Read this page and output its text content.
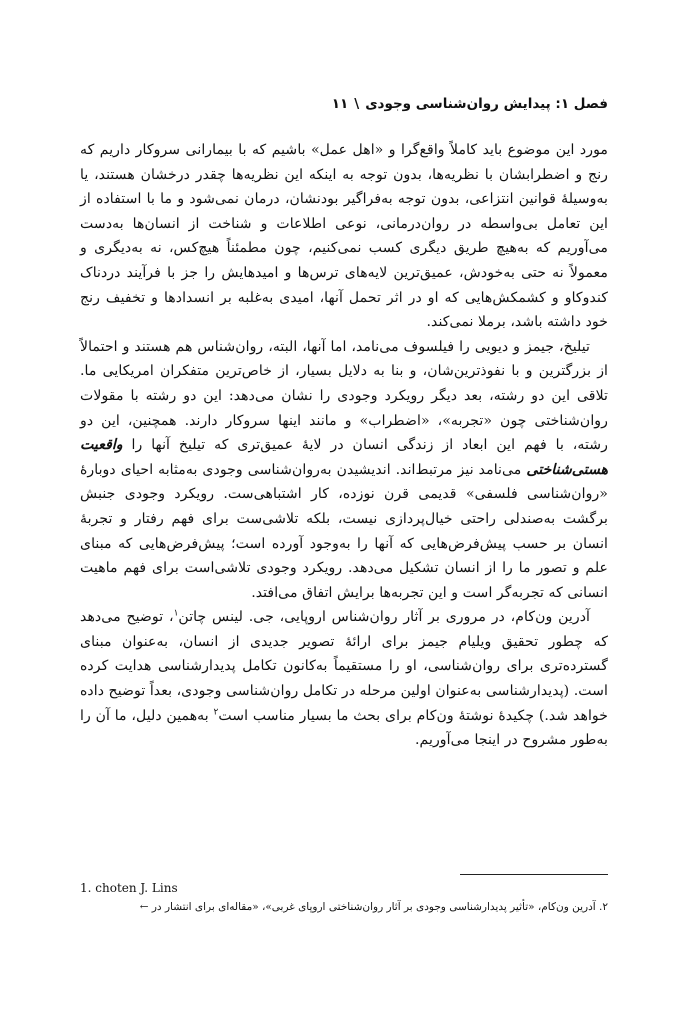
فصل ۱: پیدایش روان‌شناسی وجودی\۱۱

مورد این موضوع باید کاملاً واقع‌گرا و «اهل عمل» باشیم که با بیمارانی سروکار داریم که رنج و اضطرابشان با نظریه‌ها، بدون توجه به اینکه این نظریه‌ها چقدر درخشان هستند، یا به‌وسیلهٔ قوانین انتزاعی، بدون توجه به‌فراگیر بودنشان، درمان نمی‌شود و ما با استفاده از این تعامل بی‌واسطه در روان‌درمانی، نوعی اطلاعات و شناخت از انسان‌ها به‌دست می‌آوریم که به‌هیچ طریق دیگری کسب نمی‌کنیم، چون مطمئناً هیچ‌کس، نه به‌دیگری و معمولاً نه حتی به‌خودش، عمیق‌ترین لایه‌های ترس‌ها و امیدهایش را جز با فرآیند دردناک کندوکاو و کشمکش‌هایی که او در اثر تحمل آنها، امیدی به‌غلبه بر انسدادها و تخفیف رنج خود داشته باشد، برملا نمی‌کند.

تیلیخ، جیمز و دیویی را فیلسوف می‌نامد، اما آنها، البته، روان‌شناس هم هستند و احتمالاً از بزرگترین و با نفوذترین‌شان، و بنا به دلایل بسیار، از خاص‌ترین متفکران امریکایی ما. تلاقی این دو رشته، بعد دیگر رویکرد وجودی را نشان می‌دهد: این دو رشته با مقولات روان‌شناختی چون «تجربه»، «اضطراب» و مانند اینها سروکار دارند. همچنین، این دو رشته، با فهم این ابعاد از زندگی انسان در لایهٔ عمیق‌تری که تیلیخ آنها را واقعیت هستی‌شناختی می‌نامد نیز مرتبط‌اند. اندیشیدن به‌روان‌شناسی وجودی به‌مثابه احیای دوبارهٔ «روان‌شناسی فلسفی» قدیمی قرن نوزده، کار اشتباهی‌ست. رویکرد وجودی جنبش برگشت به‌صندلی راحتی خیال‌پردازی نیست، بلکه تلاشی‌ست برای فهم رفتار و تجربهٔ انسان بر حسب پیش‌فرض‌هایی که آنها را به‌وجود آورده است؛ پیش‌فرض‌هایی که مبنای علم و تصور ما را از انسان تشکیل می‌دهد. رویکرد وجودی تلاشی‌است برای فهم ماهیت انسانی که تجربه‌گر است و این تجربه‌ها برایش اتفاق می‌افتد.

آدرین ون‌کام، در مروری بر آثار روان‌شناس اروپایی، جی. لینس چاتن$^۱$، توضیح می‌دهد که چطور تحقیق ویلیام جیمز برای ارائهٔ تصویر جدیدی از انسان، به‌عنوان مبنای گسترده‌تری برای روان‌شناسی، او را مستقیماً به‌کانون تکامل پدیدارشناسی هدایت کرده است. (پدیدارشناسی به‌عنوان اولین مرحله در تکامل روان‌شناسی وجودی، بعداً توضیح داده خواهد شد.) چکیدهٔ نوشتهٔ ون‌کام برای بحث ما بسیار مناسب است$^۲$ به‌همین دلیل، ما آن را به‌طور مشروح در اینجا می‌آوریم.

1. choten J. Lins
۲. آدرین ون‌کام، «تأثیر پدیدارشناسی وجودی بر آثار روان‌شناختی اروپای غربی»، «مقاله‌ای برای انتشار در ←
